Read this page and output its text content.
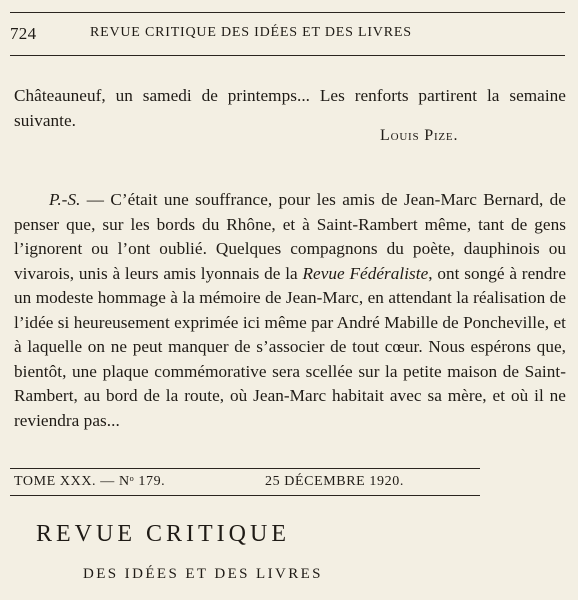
724	REVUE CRITIQUE DES IDÉES ET DES LIVRES

Châteauneuf, un samedi de printemps... Les renforts partirent la semaine suivante.

Louis Pize.

P.-S. — C’était une souffrance, pour les amis de Jean-Marc Bernard, de penser que, sur les bords du Rhône, et à Saint-Rambert même, tant de gens l’ignorent ou l’ont oublié. Quelques compagnons du poète, dauphinois ou vivarois, unis à leurs amis lyonnais de la Revue Fédéraliste, ont songé à rendre un modeste hommage à la mémoire de Jean-Marc, en attendant la réalisation de l’idée si heureusement exprimée ici même par André Mabille de Poncheville, et à laquelle on ne peut manquer de s’associer de tout cœur. Nous espérons que, bientôt, une plaque commémorative sera scellée sur la petite maison de Saint-Rambert, au bord de la route, où Jean-Marc habitait avec sa mère, et où il ne reviendra pas...

TOME XXX. — Nᵒ 179.	25 DÉCEMBRE 1920.
REVUE CRITIQUE
DES IDÉES ET DES LIVRES
